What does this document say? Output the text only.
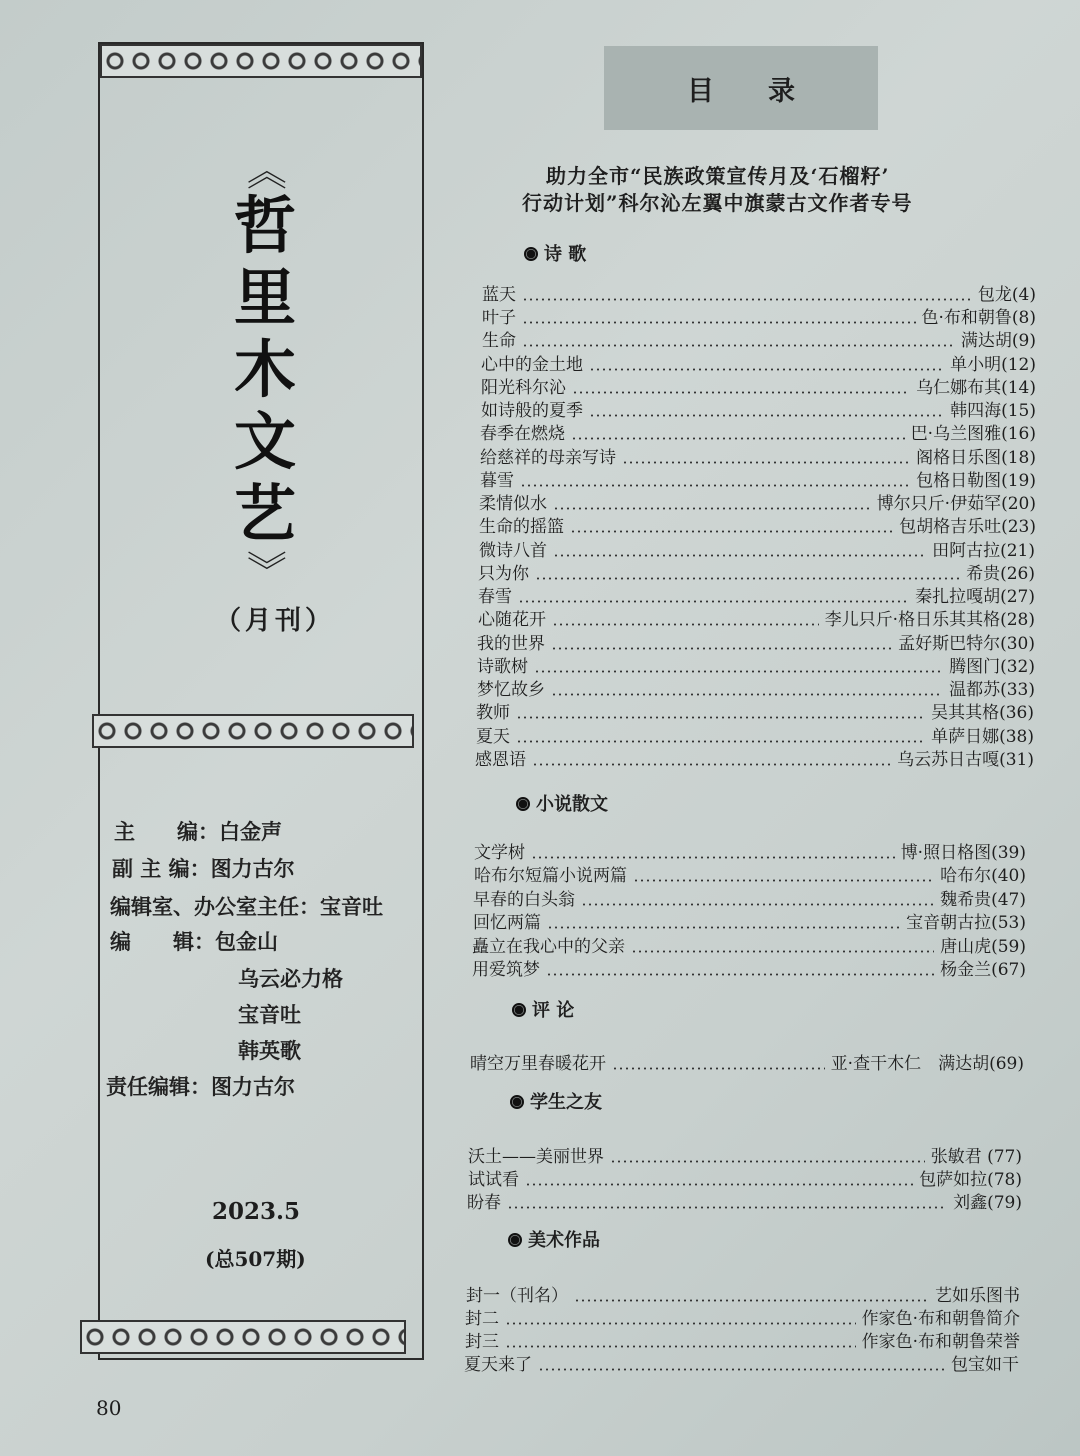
《
哲
里
木
文
艺
》
（月刊）
主　　编：白金声
副 主 编：图力古尔
编辑室、办公室主任：宝音吐
编　　辑：包金山
乌云必力格
宝音吐
韩英歌
责任编辑：图力古尔
2023.5
(总507期)
80
目录
助力全市“民族政策宣传月及‘石榴籽’
行动计划”科尔沁左翼中旗蒙古文作者专号
诗 歌
蓝天	包龙(4)
叶子	色·布和朝鲁(8)
生命	满达胡(9)
心中的金土地	单小明(12)
阳光科尔沁	乌仁娜布其(14)
如诗般的夏季	韩四海(15)
春季在燃烧	巴·乌兰图雅(16)
给慈祥的母亲写诗	阁格日乐图(18)
暮雪	包格日勒图(19)
柔情似水	博尔只斤·伊茹罕(20)
生命的摇篮	包胡格吉乐吐(23)
微诗八首	田阿古拉(21)
只为你	希贵(26)
春雪	秦扎拉嘎胡(27)
心随花开	李儿只斤·格日乐其其格(28)
我的世界	孟好斯巴特尔(30)
诗歌树	腾图门(32)
梦忆故乡	温都苏(33)
教师	吴其其格(36)
夏天	单萨日娜(38)
感恩语	乌云苏日古嘎(31)
小说散文
文学树	博·照日格图(39)
哈布尔短篇小说两篇	哈布尔(40)
早春的白头翁	魏希贵(47)
回忆两篇	宝音朝古拉(53)
矗立在我心中的父亲	唐山虎(59)
用爱筑梦	杨金兰(67)
评 论
晴空万里春暖花开	亚·查干木仁　满达胡(69)
学生之友
沃土——美丽世界	张敏君 (77)
试试看	包萨如拉(78)
盼春	刘鑫(79)
美术作品
封一（刊名）	艺如乐图书
封二	作家色·布和朝鲁简介
封三	作家色·布和朝鲁荣誉
夏天来了	包宝如干
